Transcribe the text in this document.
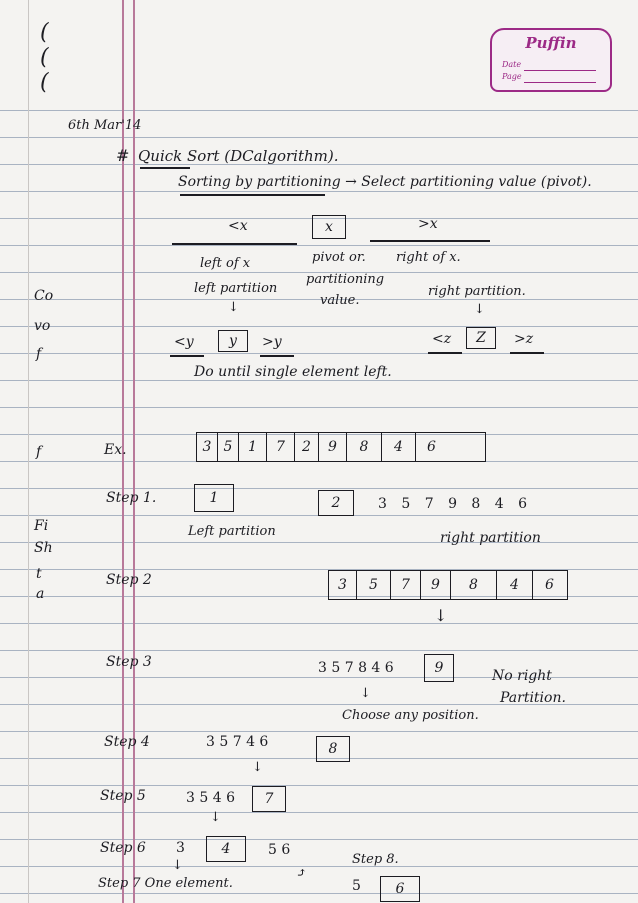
(
(
(
Co
vo
f
f
Fi
Sh
t
a
Puffin
Date
Page
6th Mar'14
# Quick Sort (DCalgorithm).
Sorting by partitioning → Select partitioning value (pivot).
<x	x	>x
left of x
left partition
↓
pivot or.
partitioning
value.
right of x.
right partition.
↓
<y	y	>y	<z	Z	>z
Do until single element left.
Ex.	3 5	1	7	2	9	8	4	6
Step 1.	1	2	3 5 7 9 8 4 6
Left partition	right partition
Step 2	3	5	7	9	8	4	6
↓
Step 3	3 5 7 8 4 6	9	No right
Partition.
↓
Choose any position.
Step 4	3 5 7 4 6	8
↓
Step 5	3 5 4 6	7
↓
Step 6 3	4	5 6
↓
⤴
Step 8.
Step 7 One element.	5	6
